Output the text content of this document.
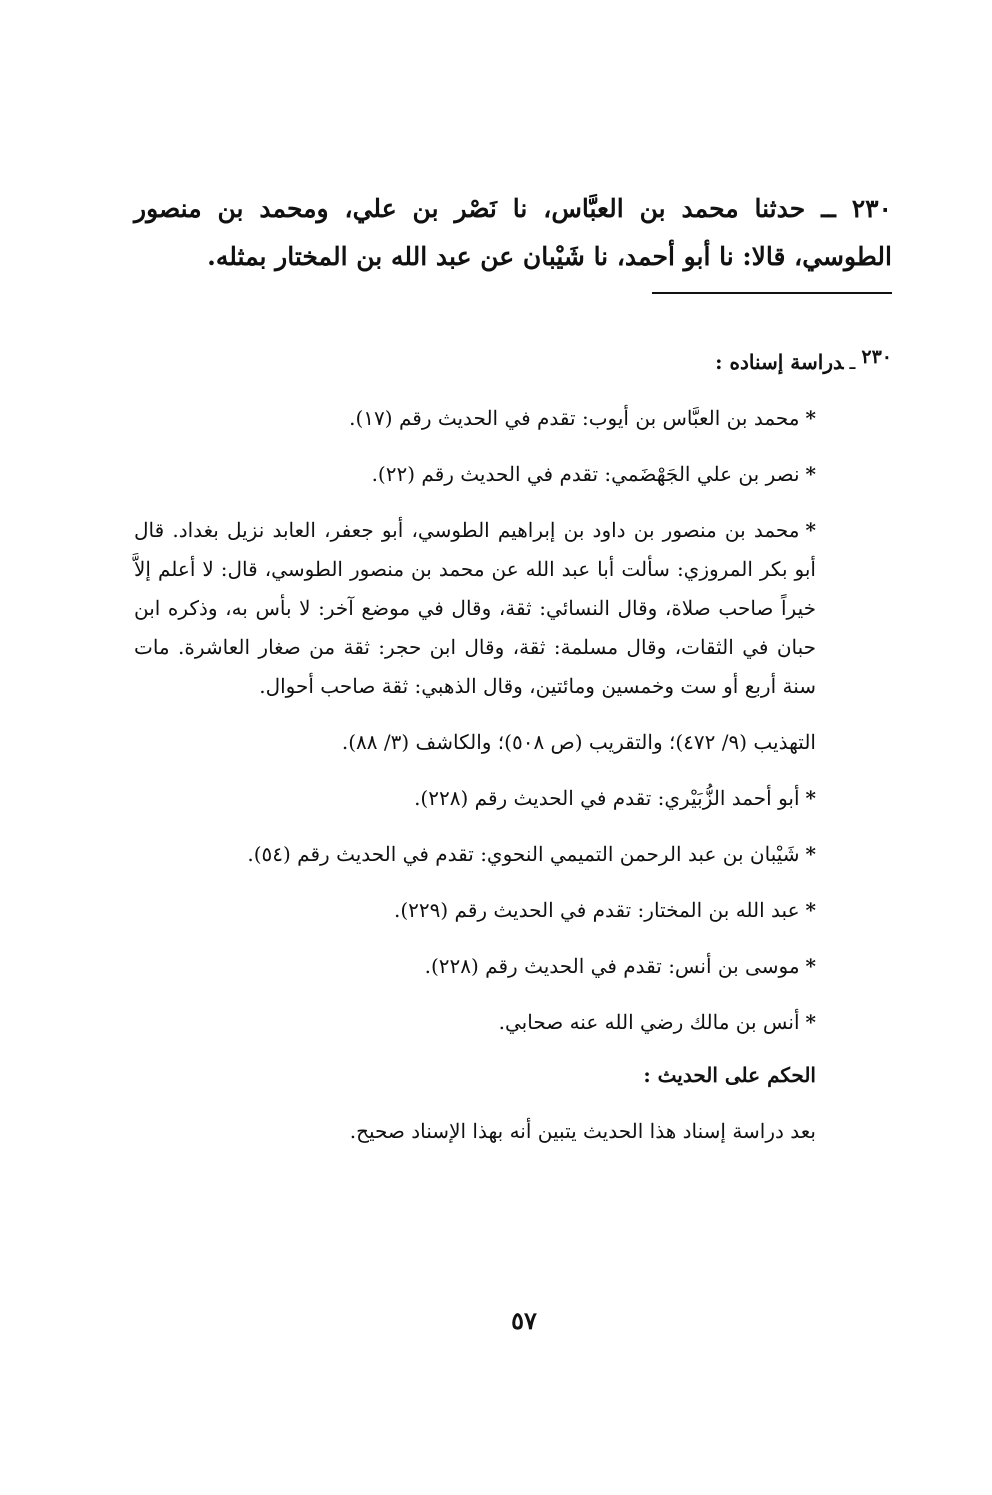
٢٣٠ ــ حدثنا محمد بن العبَّاس، نا نَصْر بن علي، ومحمد بن منصور الطوسي، قالا: نا أبو أحمد، نا شَيْبان عن عبد الله بن المختار بمثله.

٢٣٠ـدراسة إسناده :

*محمد بن العبَّاس بن أيوب: تقدم في الحديث رقم (١٧).

*نصر بن علي الجَهْضَمي: تقدم في الحديث رقم (٢٢).

*محمد بن منصور بن داود بن إبراهيم الطوسي، أبو جعفر، العابد نزيل بغداد. قال أبو بكر المروزي: سألت أبا عبد الله عن محمد بن منصور الطوسي، قال: لا أعلم إلاَّ خيراً صاحب صلاة، وقال النسائي: ثقة، وقال في موضع آخر: لا بأس به، وذكره ابن حبان في الثقات، وقال مسلمة: ثقة، وقال ابن حجر: ثقة من صغار العاشرة. مات سنة أربع أو ست وخمسين ومائتين، وقال الذهبي: ثقة صاحب أحوال.

التهذيب (٩/ ٤٧٢)؛ والتقريب (ص ٥٠٨)؛ والكاشف (٣/ ٨٨).

*أبو أحمد الزُّبَيْري: تقدم في الحديث رقم (٢٢٨).

*شَيْبان بن عبد الرحمن التميمي النحوي: تقدم في الحديث رقم (٥٤).

*عبد الله بن المختار: تقدم في الحديث رقم (٢٢٩).

*موسى بن أنس: تقدم في الحديث رقم (٢٢٨).

*أنس بن مالك رضي الله عنه صحابي.

الحكم على الحديث :

بعد دراسة إسناد هذا الحديث يتبين أنه بهذا الإسناد صحيح.

٥٧
